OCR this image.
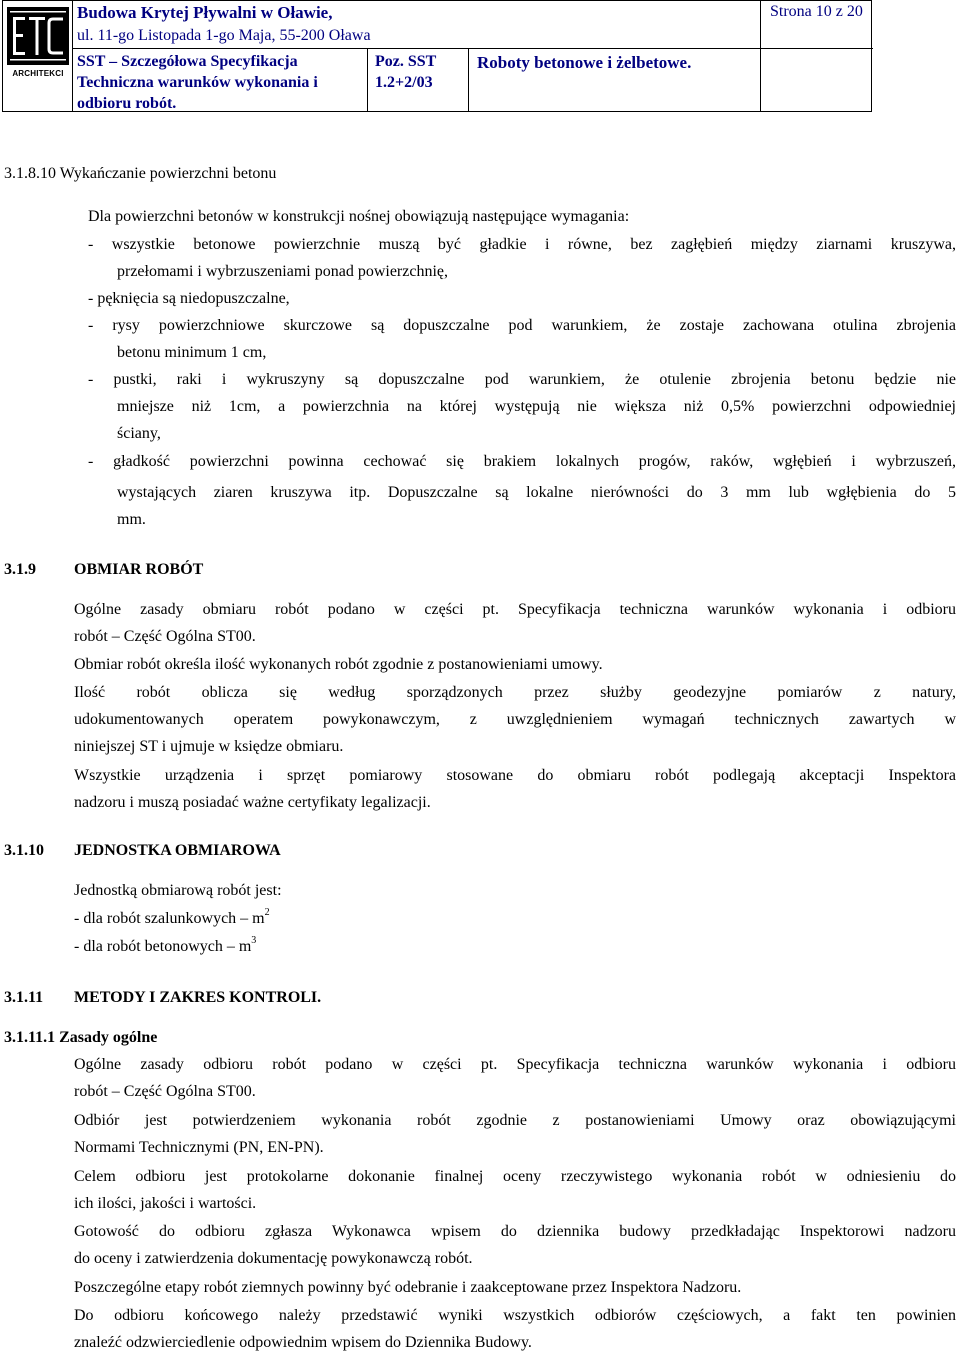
ARCHITEKCI
Budowa Krytej Pływalni w Oławie,
ul. 11-go Listopada 1-go Maja, 55-200 Oława
SST – Szczegółowa Specyfikacja
Techniczna warunków wykonania i
odbioru robót.
Poz. SST
1.2+2/03
Roboty betonowe i żelbetowe.
Strona 10 z 20
3.1.8.10 Wykańczanie powierzchni betonu
Dla powierzchni betonów w konstrukcji nośnej obowiązują następujące wymagania:
- wszystkie betonowe powierzchnie muszą być gładkie i równe, bez zagłębień między ziarnami kruszywa,
przełomami i wybrzuszeniami ponad powierzchnię,
- pęknięcia są niedopuszczalne,
- rysy powierzchniowe skurczowe są dopuszczalne pod warunkiem, że zostaje zachowana otulina zbrojenia
betonu minimum 1 cm,
- pustki, raki i wykruszyny są dopuszczalne pod warunkiem, że otulenie zbrojenia betonu będzie nie
mniejsze niż 1cm, a powierzchnia na której występują nie większa niż 0,5% powierzchni odpowiedniej
ściany,
- gładkość powierzchni powinna cechować się brakiem lokalnych progów, raków, wgłębień i wybrzuszeń,
wystających ziaren kruszywa itp. Dopuszczalne są lokalne nierówności do 3 mm lub wgłębienia do 5
mm.
3.1.9 OBMIAR ROBÓT
Ogólne zasady obmiaru robót podano w części pt. Specyfikacja techniczna warunków wykonania i odbioru
robót – Część Ogólna ST00.
Obmiar robót określa ilość wykonanych robót zgodnie z postanowieniami umowy.
Ilość robót oblicza się według sporządzonych przez służby geodezyjne pomiarów z natury,
udokumentowanych operatem powykonawczym, z uwzględnieniem wymagań technicznych zawartych w
niniejszej ST i ujmuje w księdze obmiaru.
Wszystkie urządzenia i sprzęt pomiarowy stosowane do obmiaru robót podlegają akceptacji Inspektora
nadzoru i muszą posiadać ważne certyfikaty legalizacji.
3.1.10 JEDNOSTKA OBMIAROWA
Jednostką obmiarową robót jest:
- dla robót szalunkowych – $m^2$
- dla robót betonowych – $m^3$
3.1.11 METODY I ZAKRES KONTROLI.
3.1.11.1 Zasady ogólne
Ogólne zasady odbioru robót podano w części pt. Specyfikacja techniczna warunków wykonania i odbioru
robót – Część Ogólna ST00.
Odbiór jest potwierdzeniem wykonania robót zgodnie z postanowieniami Umowy oraz obowiązującymi
Normami Technicznymi (PN, EN-PN).
Celem odbioru jest protokolarne dokonanie finalnej oceny rzeczywistego wykonania robót w odniesieniu do
ich ilości, jakości i wartości.
Gotowość do odbioru zgłasza Wykonawca wpisem do dziennika budowy przedkładając Inspektorowi nadzoru
do oceny i zatwierdzenia dokumentację powykonawczą robót.
Poszczególne etapy robót ziemnych powinny być odebranie i zaakceptowane przez Inspektora Nadzoru.
Do odbioru końcowego należy przedstawić wyniki wszystkich odbiorów częściowych, a fakt ten powinien
znaleźć odzwierciedlenie odpowiednim wpisem do Dziennika Budowy.
